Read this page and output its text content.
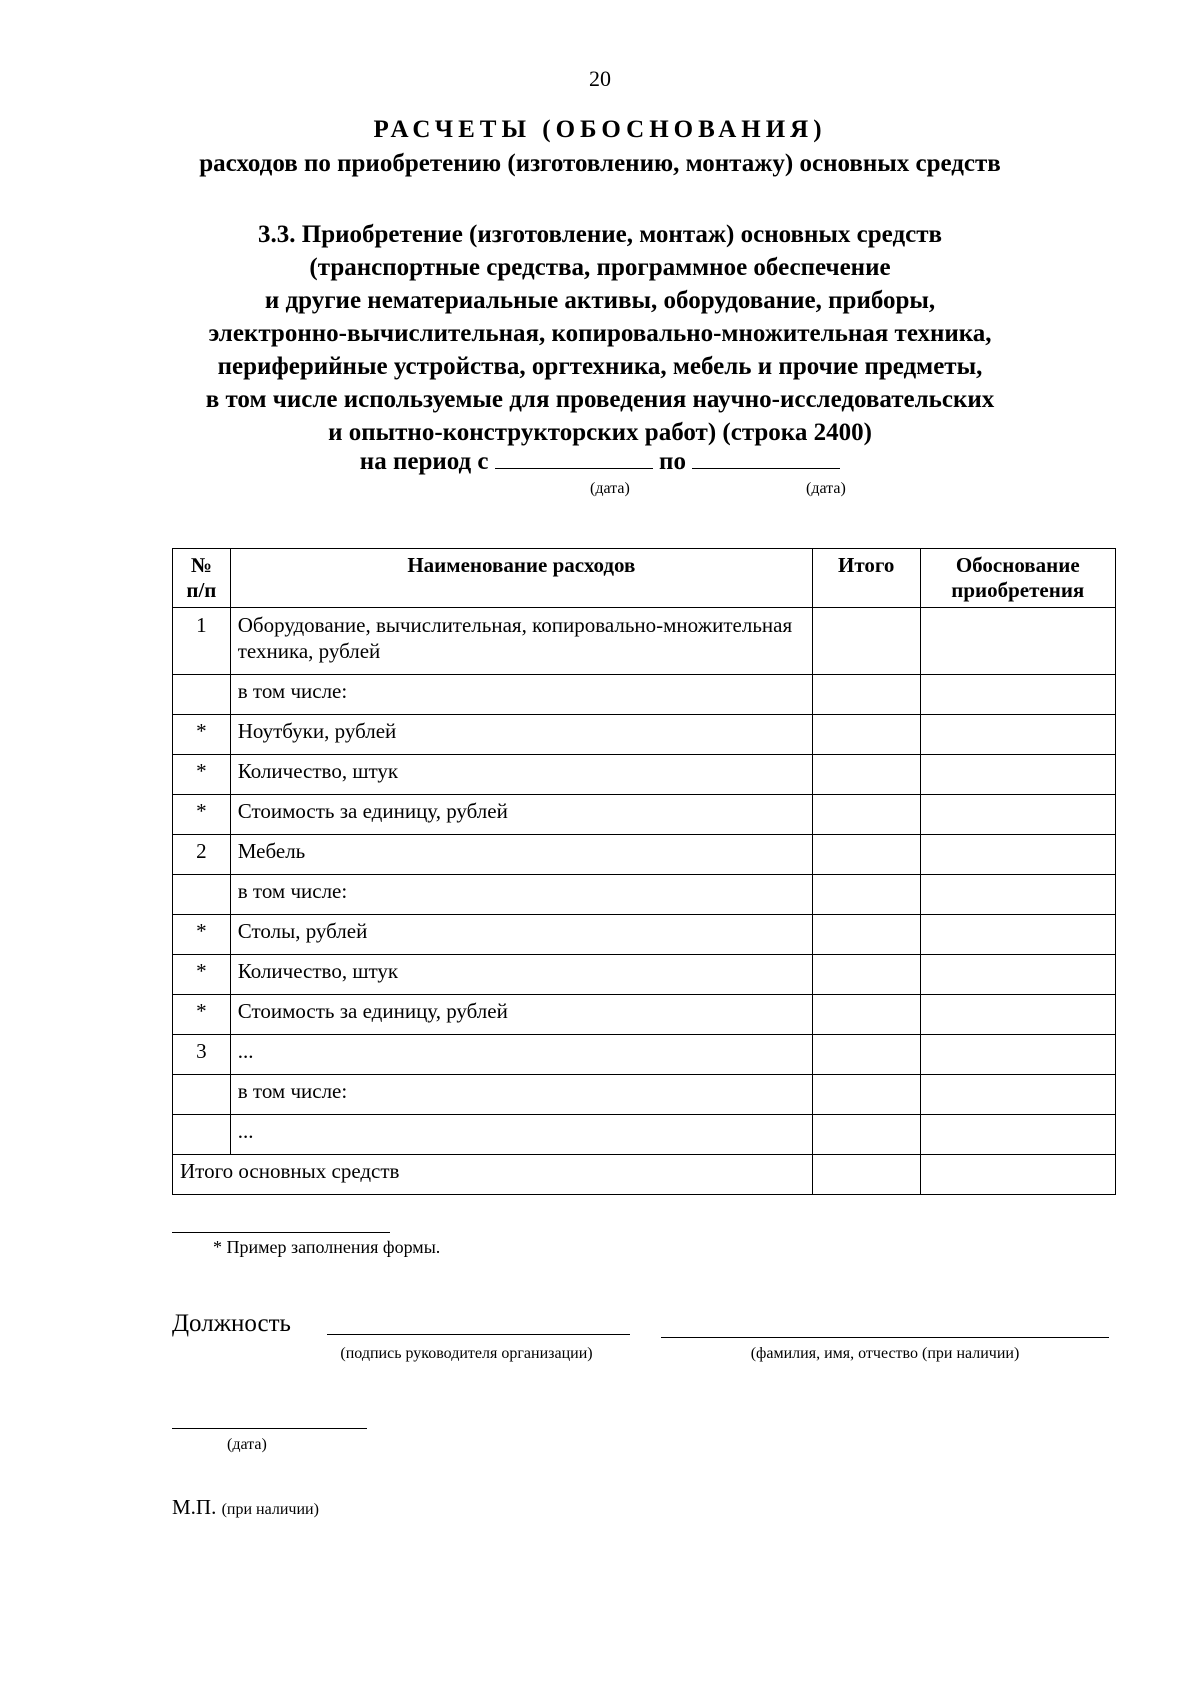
20
РАСЧЕТЫ (ОБОСНОВАНИЯ)
расходов по приобретению (изготовлению, монтажу) основных средств
3.3. Приобретение (изготовление, монтаж) основных средств
(транспортные средства, программное обеспечение
и другие нематериальные активы, оборудование, приборы,
электронно-вычислительная, копировально-множительная техника,
периферийные устройства, оргтехника, мебель и прочие предметы,
в том числе используемые для проведения научно-исследовательских
и опытно-конструкторских работ) (строка 2400)
на период с	по
(дата)	(дата)
№ п/п	Наименование расходов	Итого	Обоснование приобретения
1	Оборудование, вычислительная, копировально-множительная техника, рублей		
	в том числе:		
*	Ноутбуки, рублей		
*	Количество, штук		
*	Стоимость за единицу, рублей		
2	Мебель		
	в том числе:		
*	Столы, рублей		
*	Количество, штук		
*	Стоимость за единицу, рублей		
3	...		
	в том числе:		
	...		
Итого основных средств			
* Пример заполнения формы.
Должность
(подпись руководителя организации)	(фамилия, имя, отчество (при наличии)
(дата)
М.П. (при наличии)
